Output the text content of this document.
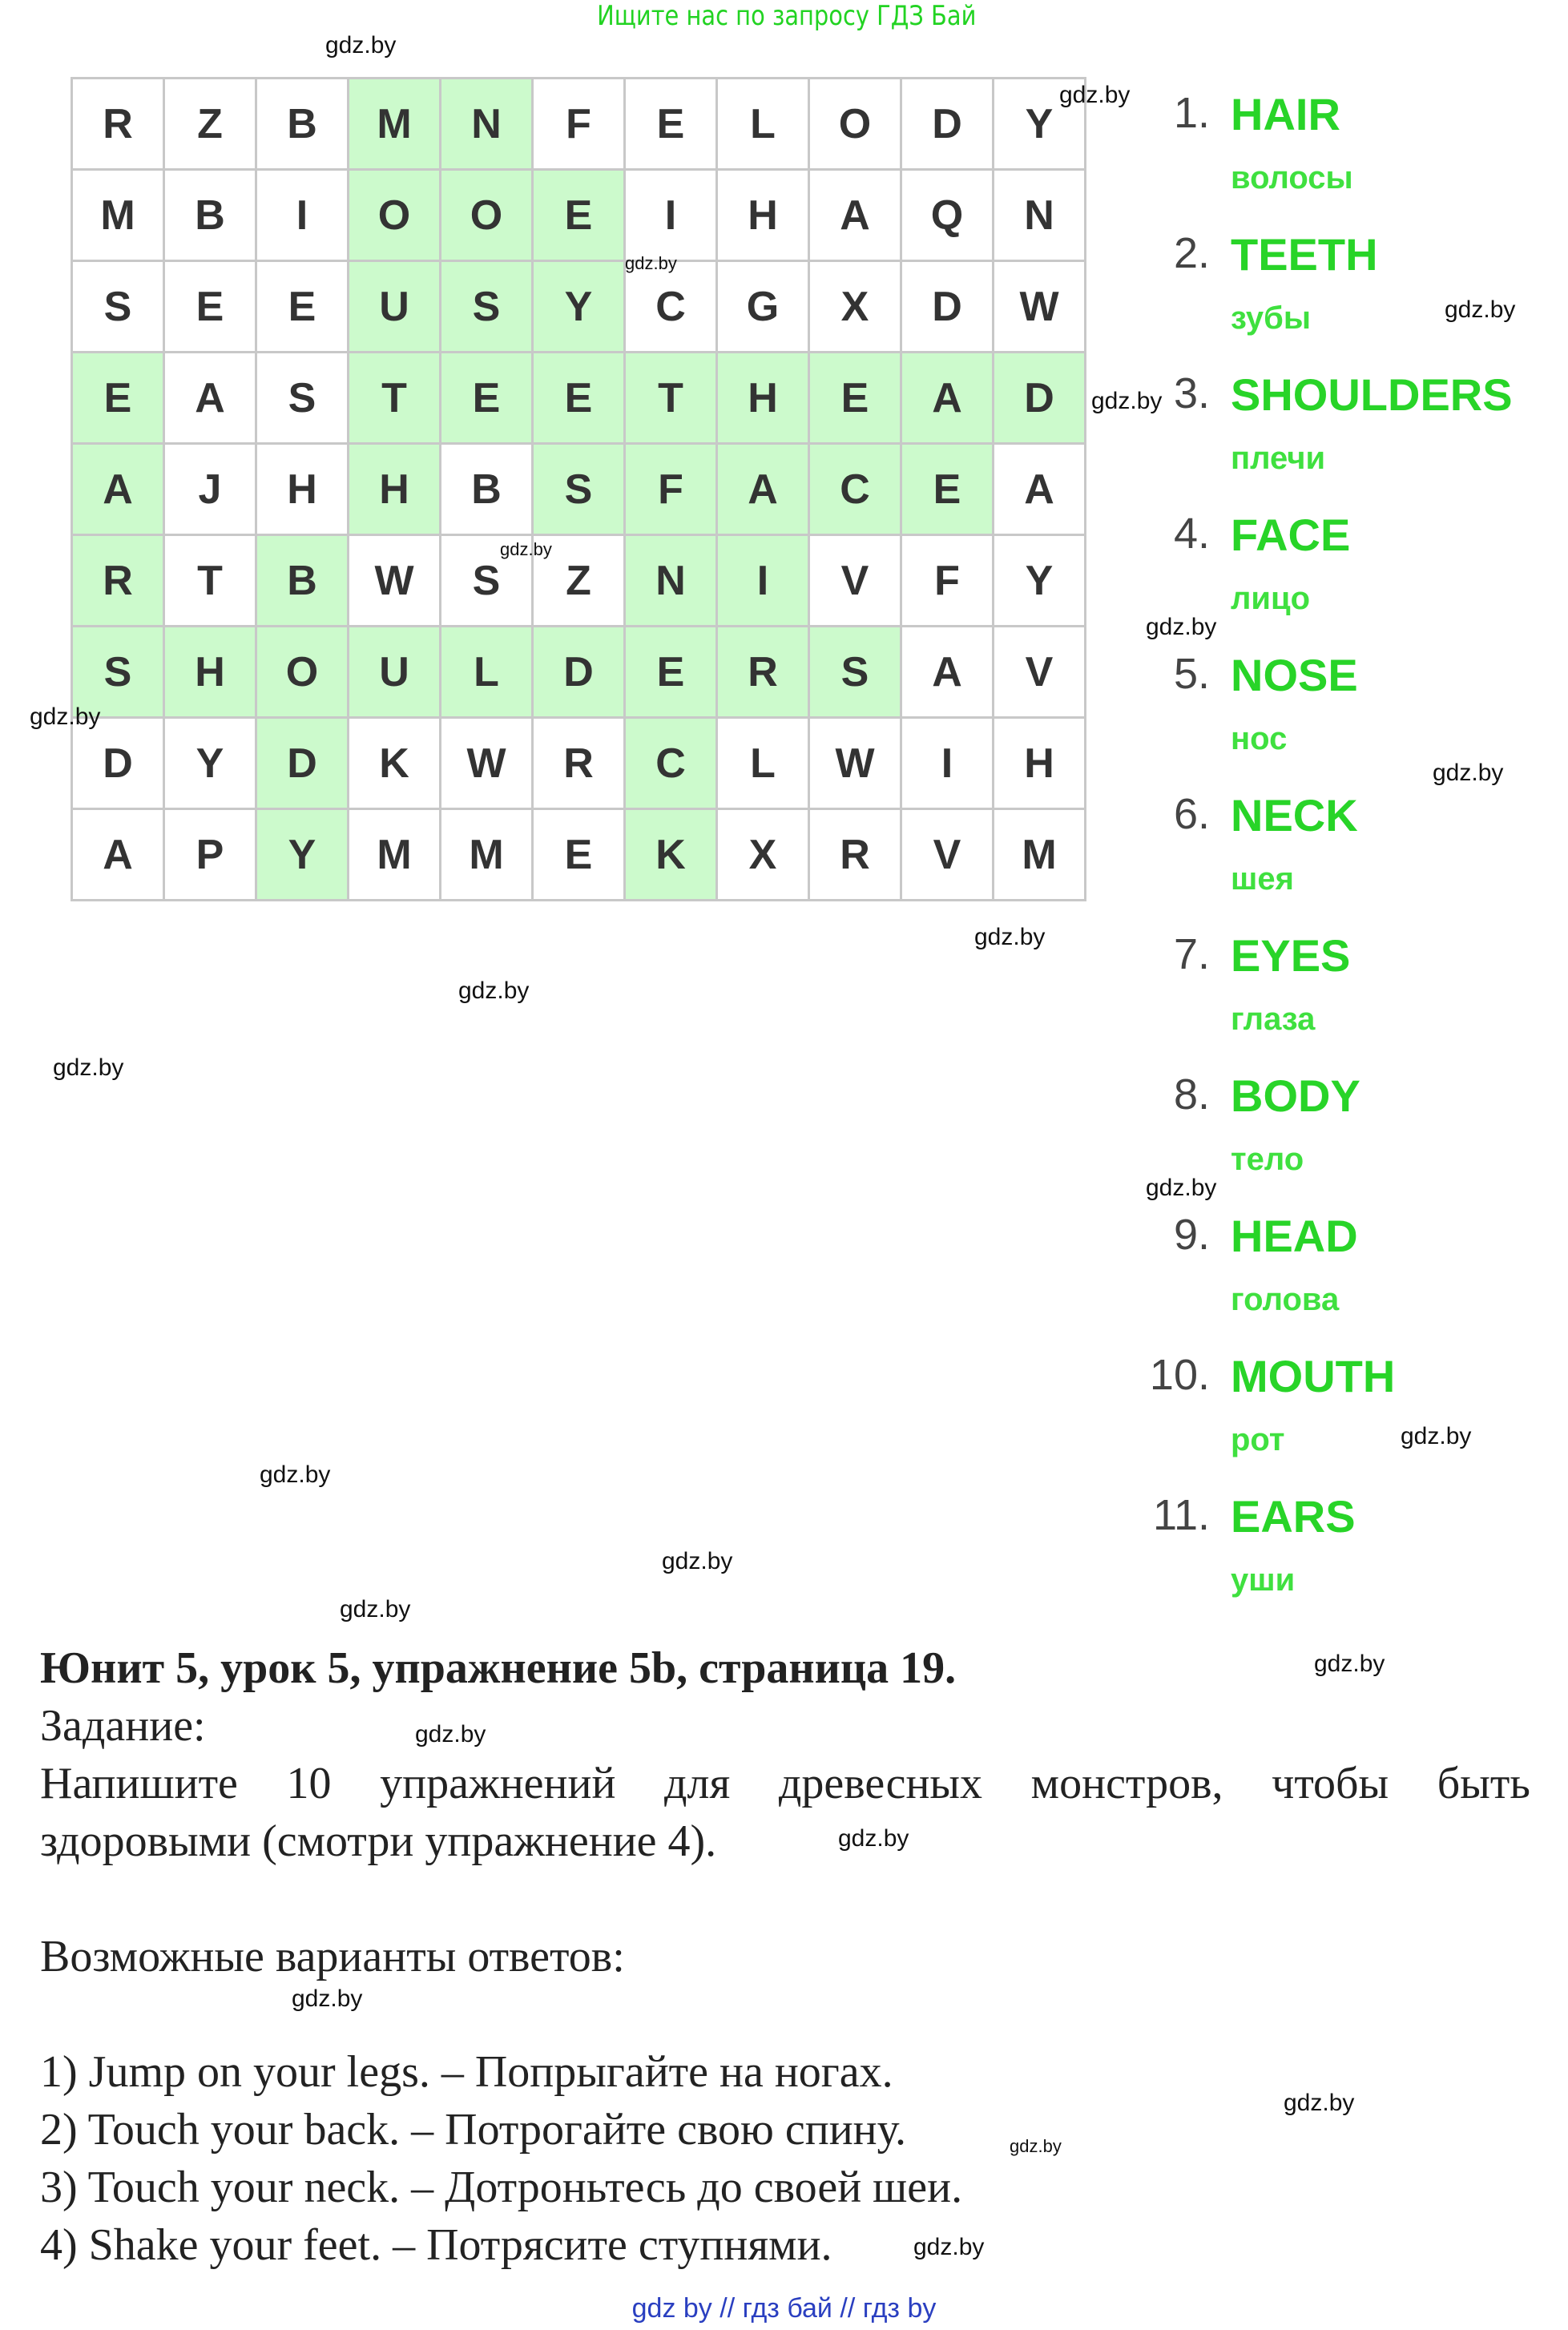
Ищите нас по запросу ГДЗ Бай
R	Z	B	M	N	F	E	L	O	D	Y
M	B	I	O	O	E	I	H	A	Q	N
S	E	E	U	S	Y	C	G	X	D	W
E	A	S	T	E	E	T	H	E	A	D
A	J	H	H	B	S	F	A	C	E	A
R	T	B	W	S	Z	N	I	V	F	Y
S	H	O	U	L	D	E	R	S	A	V
D	Y	D	K	W	R	C	L	W	I	H
A	P	Y	M	M	E	K	X	R	V	M
1. HAIR
волосы
2. TEETH
зубы
3. SHOULDERS
плечи
4. FACE
лицо
5. NOSE
нос
6. NECK
шея
7. EYES
глаза
8. BODY
тело
9. HEAD
голова
10. MOUTH
рот
11. EARS
уши
gdz.by
gdz.by
gdz.by
gdz.by
gdz.by
gdz.by
gdz.by
gdz.by
gdz.by
gdz.by
gdz.by
gdz.by
gdz.by
gdz.by
gdz.by
gdz.by
gdz.by
gdz.by
gdz.by
gdz.by
gdz.by
gdz.by
gdz.by
gdz.by
Юнит 5, урок 5, упражнение 5b, страница 19.
Задание:
Напишите 10 упражнений для древесных монстров, чтобы быть
здоровыми (смотри упражнение 4).
Возможные варианты ответов:
1) Jump on your legs. – Попрыгайте на ногах.
2) Touch your back. – Потрогайте свою спину.
3) Touch your neck. – Дотроньтесь до своей шеи.
4) Shake your feet. – Потрясите ступнями.
gdz by // гдз бай // гдз by
